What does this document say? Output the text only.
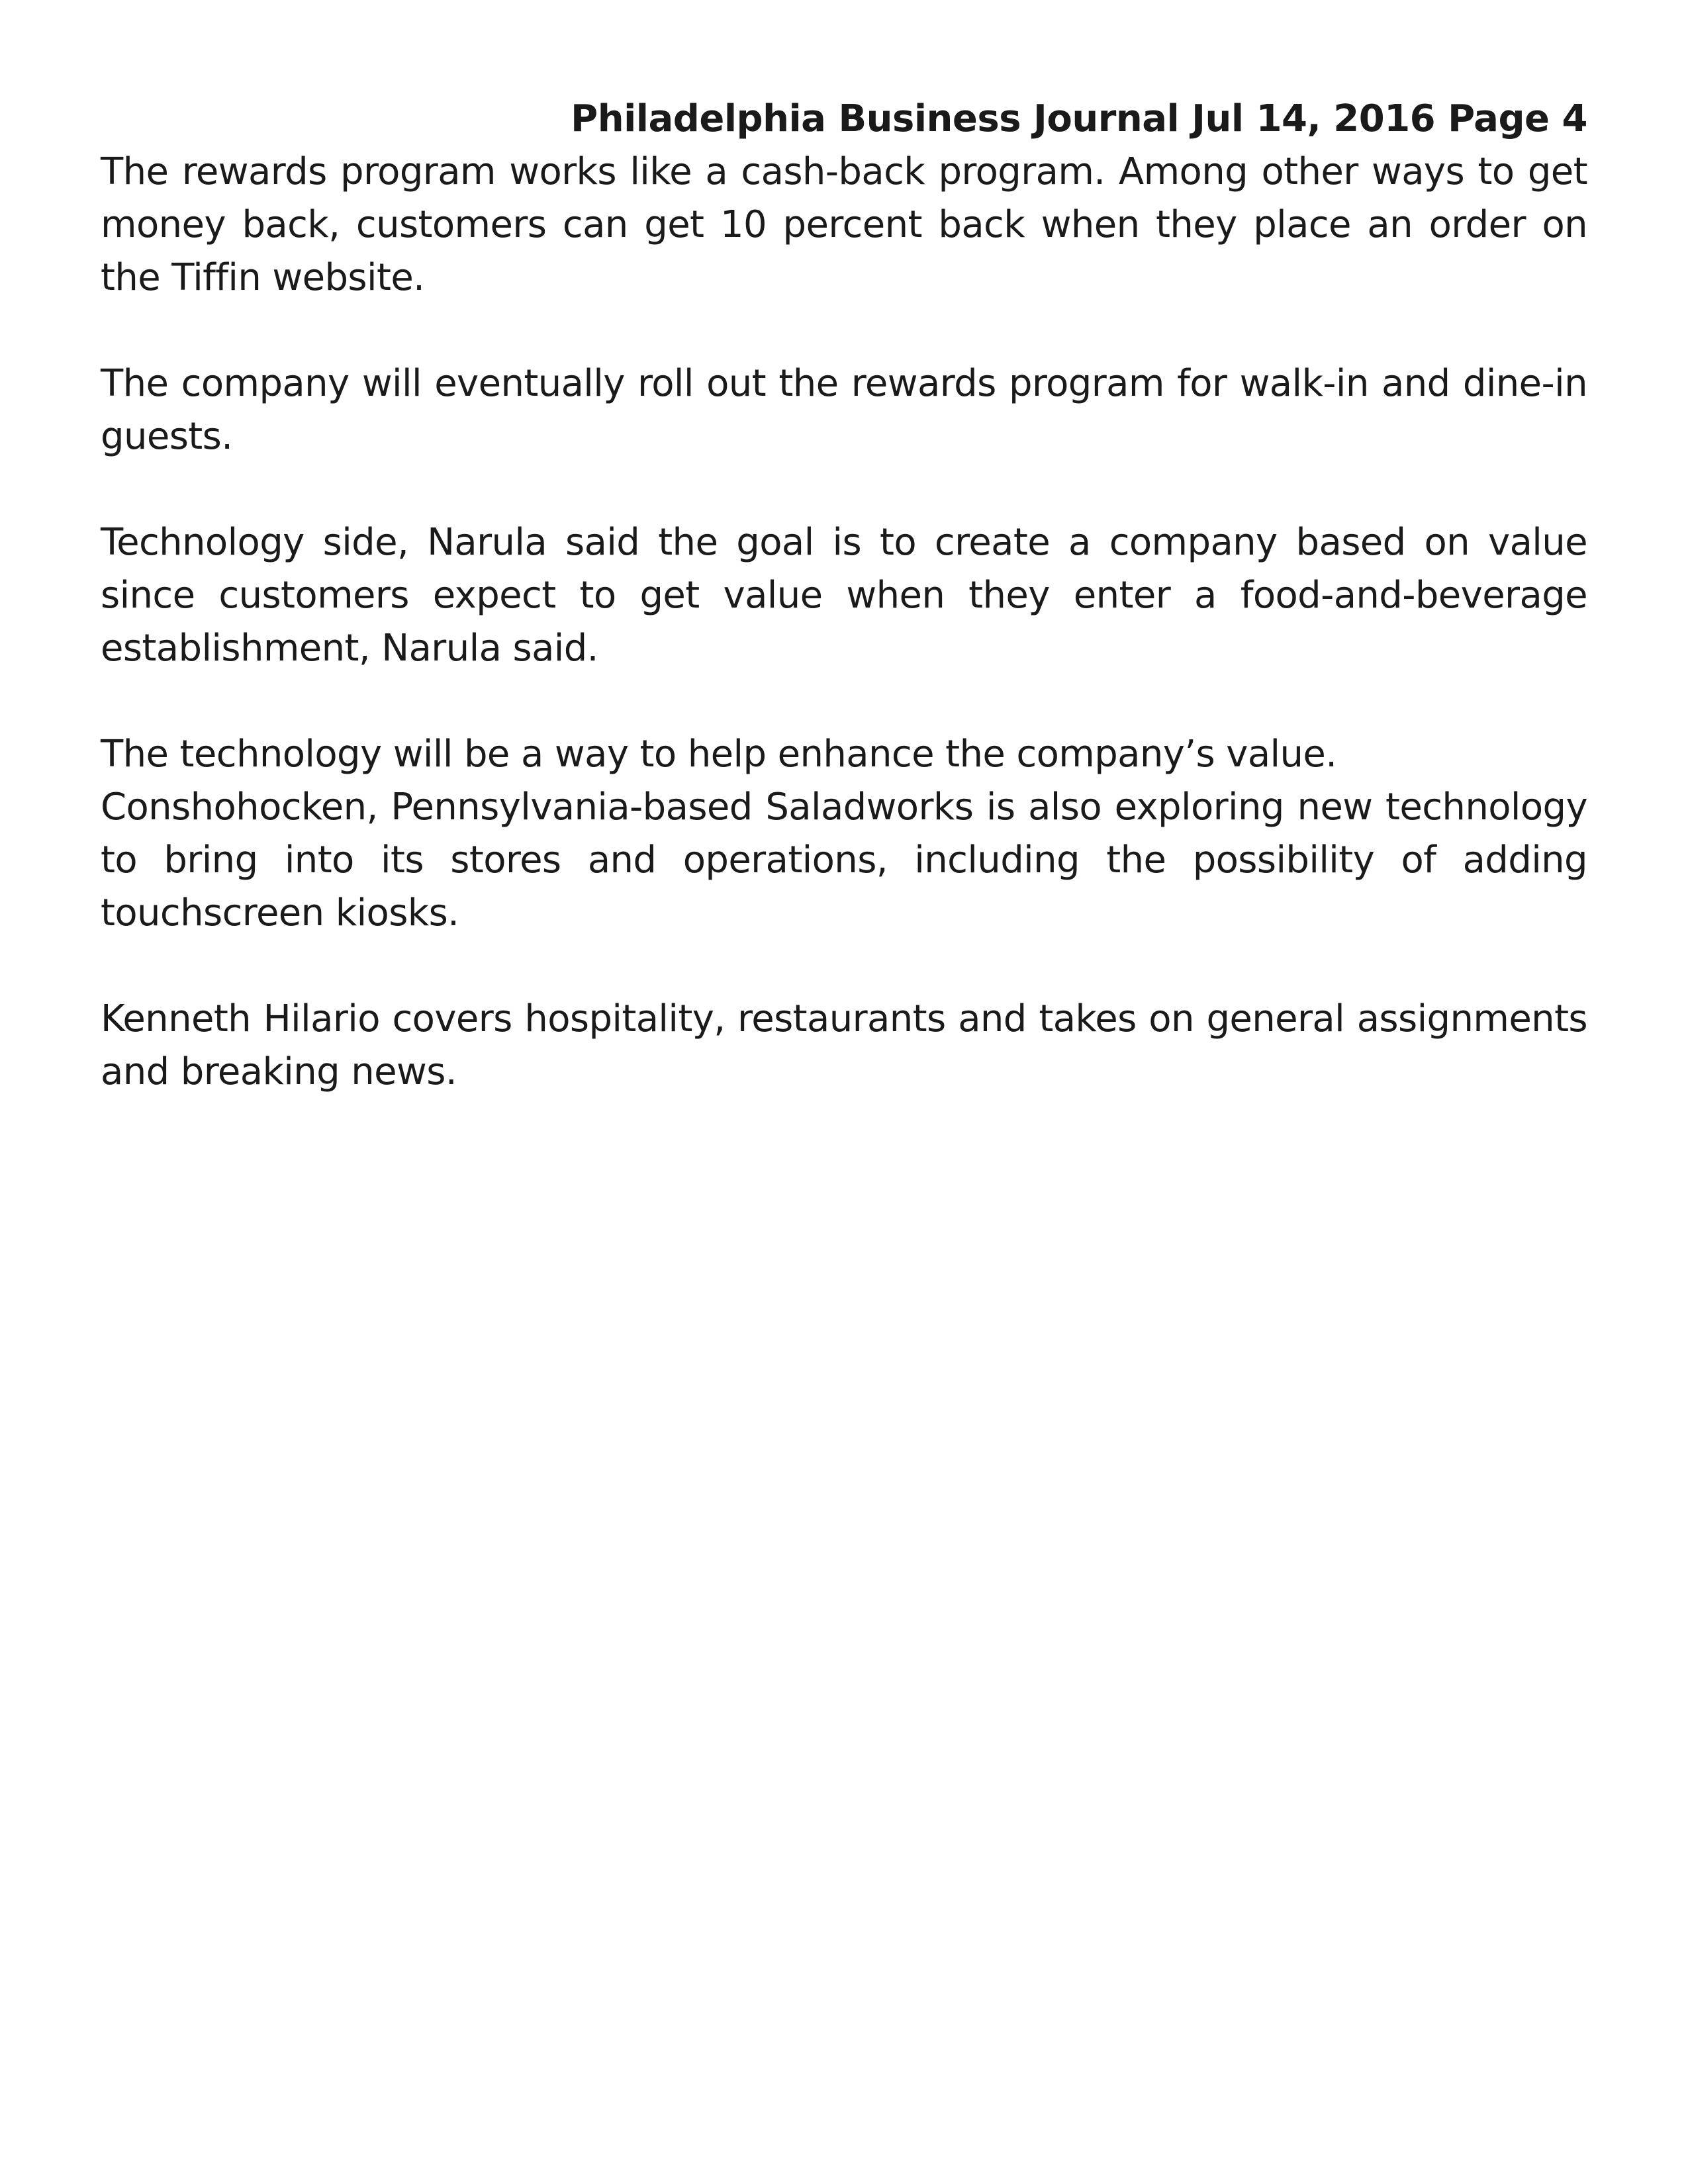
Philadelphia Business Journal Jul 14, 2016 Page 4

The rewards program works like a cash-back program. Among other ways to get money back, customers can get 10 percent back when they place an order on the Tiffin website.

The company will eventually roll out the rewards program for walk-in and dine-in guests.

Technology side, Narula said the goal is to create a company based on value since customers expect to get value when they enter a food-and-beverage establishment, Narula said.

The technology will be a way to help enhance the company’s value.

Conshohocken, Pennsylvania-based Saladworks is also exploring new technology to bring into its stores and operations, including the possibility of adding touchscreen kiosks.

Kenneth Hilario covers hospitality, restaurants and takes on general assignments and breaking news.
